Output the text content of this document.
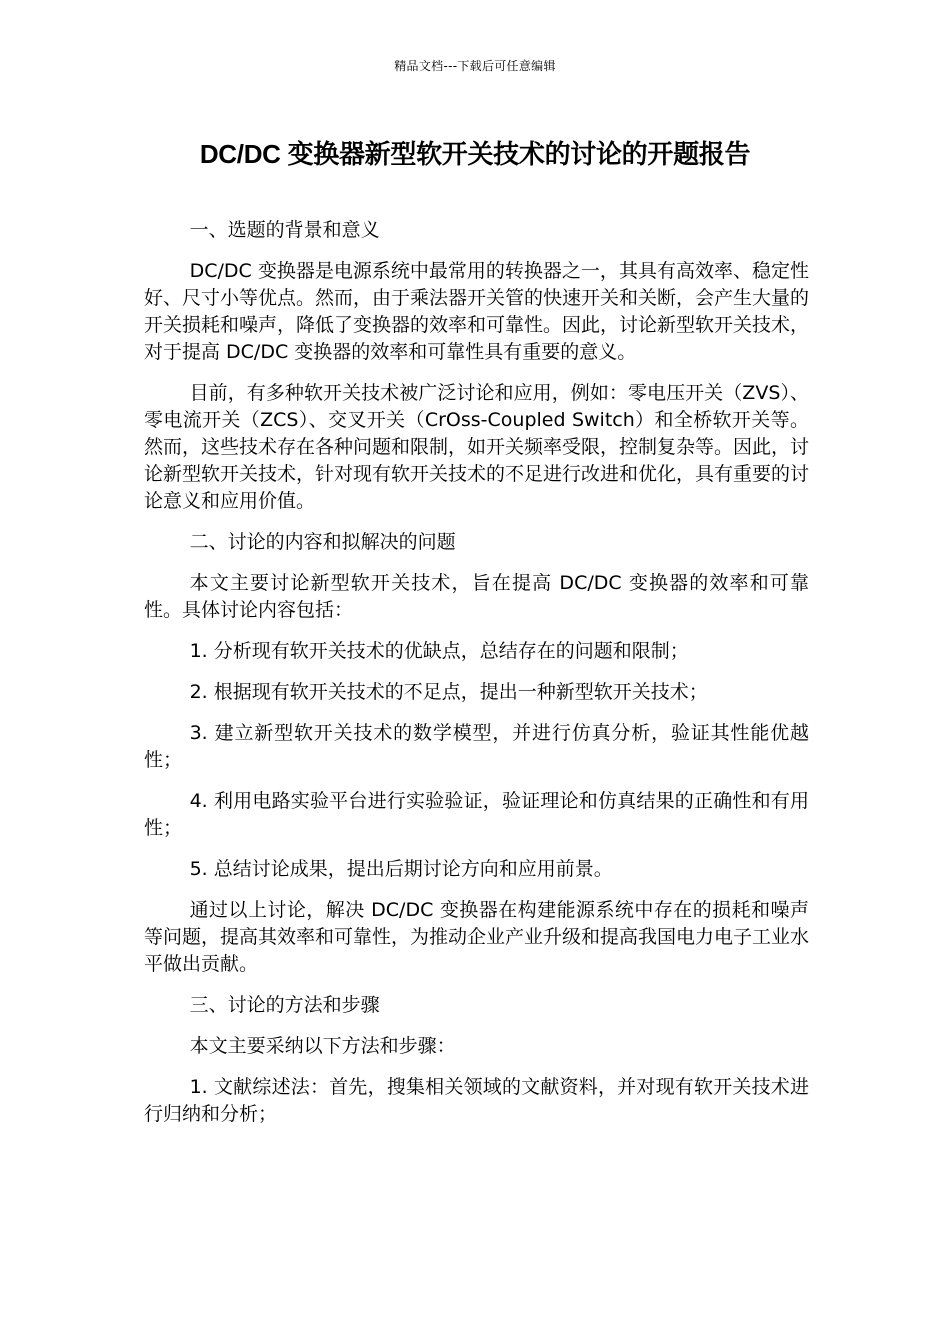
精品文档---下载后可任意编辑
DC/DC 变换器新型软开关技术的讨论的开题报告
一、选题的背景和意义

DC/DC 变换器是电源系统中最常用的转换器之一，其具有高效率、稳定性好、尺寸小等优点。然而，由于乘法器开关管的快速开关和关断，会产生大量的开关损耗和噪声，降低了变换器的效率和可靠性。因此，讨论新型软开关技术，对于提高 DC/DC 变换器的效率和可靠性具有重要的意义。

目前，有多种软开关技术被广泛讨论和应用，例如：零电压开关（ZVS）、零电流开关（ZCS）、交叉开关（CrOss-Coupled Switch）和全桥软开关等。然而，这些技术存在各种问题和限制，如开关频率受限，控制复杂等。因此，讨论新型软开关技术，针对现有软开关技术的不足进行改进和优化，具有重要的讨论意义和应用价值。

二、讨论的内容和拟解决的问题

本文主要讨论新型软开关技术，旨在提高 DC/DC 变换器的效率和可靠性。具体讨论内容包括：

1. 分析现有软开关技术的优缺点，总结存在的问题和限制；

2. 根据现有软开关技术的不足点，提出一种新型软开关技术；

3. 建立新型软开关技术的数学模型，并进行仿真分析，验证其性能优越性；

4. 利用电路实验平台进行实验验证，验证理论和仿真结果的正确性和有用性；

5. 总结讨论成果，提出后期讨论方向和应用前景。

通过以上讨论，解决 DC/DC 变换器在构建能源系统中存在的损耗和噪声等问题，提高其效率和可靠性，为推动企业产业升级和提高我国电力电子工业水平做出贡献。

三、讨论的方法和步骤

本文主要采纳以下方法和步骤：

1. 文献综述法：首先，搜集相关领域的文献资料，并对现有软开关技术进行归纳和分析；
